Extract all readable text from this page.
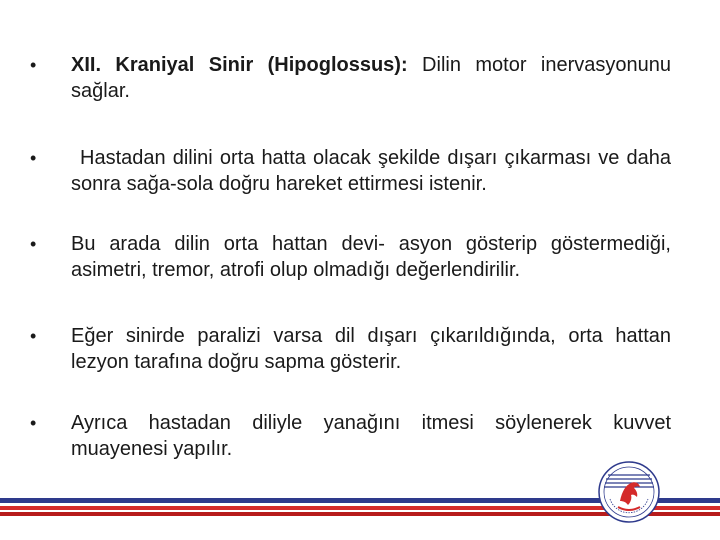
•	XII. Kraniyal Sinir (Hipoglossus): Dilin motor inervasyonunu sağlar.
•	Hastadan dilini orta hatta olacak şekilde dışarı çıkarması ve daha sonra sağa-sola doğru hareket ettirmesi istenir.
•	Bu arada dilin orta hattan devi- asyon gösterip göstermediği, asimetri, tremor, atrofi olup olmadığı değerlendirilir.
•	Eğer sinirde paralizi varsa dil dışarı çıkarıldığında, orta hattan lezyon tarafına doğru sapma gösterir.
•	Ayrıca hastadan diliyle yanağını itmesi söylenerek kuvvet muayenesi yapılır.
